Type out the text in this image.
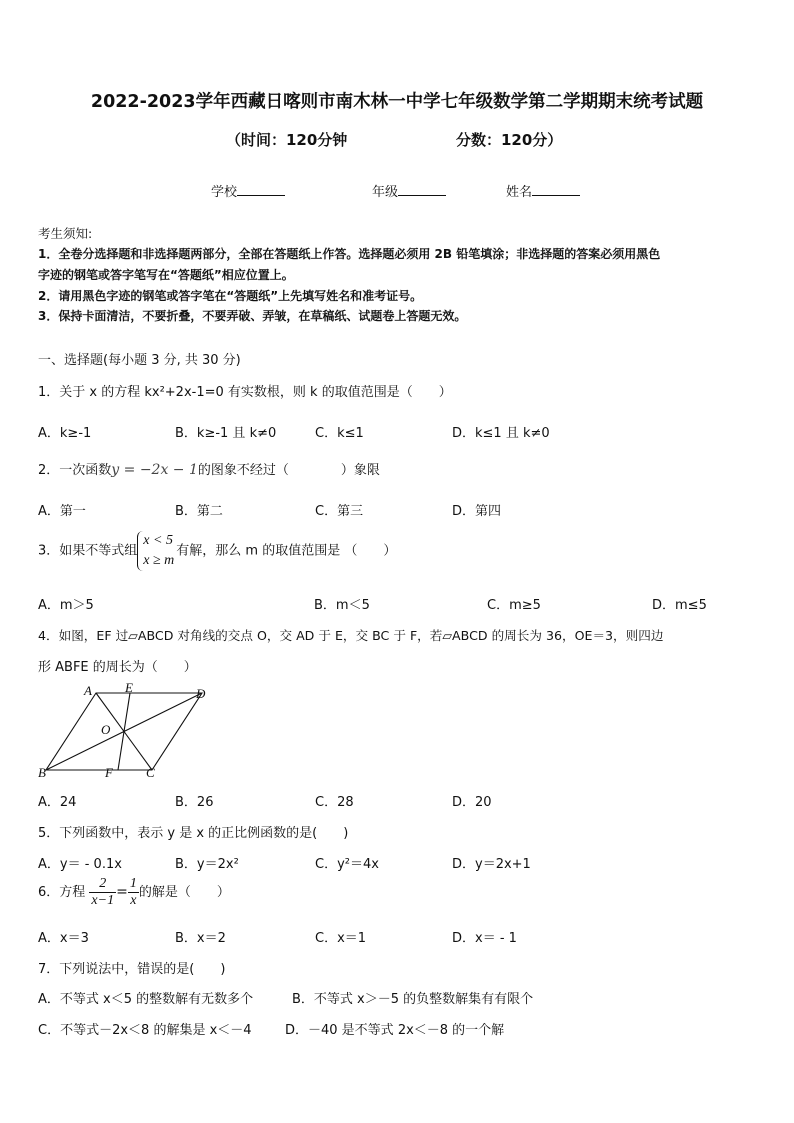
2022-2023学年西藏日喀则市南木林一中学七年级数学第二学期期末统考试题
（时间：120分钟	分数：120分）
学校	年级	姓名
考生须知:
1．全卷分选择题和非选择题两部分，全部在答题纸上作答。选择题必须用 2B 铅笔填涂；非选择题的答案必须用黑色
字迹的钢笔或答字笔写在“答题纸”相应位置上。
2．请用黑色字迹的钢笔或答字笔在“答题纸”上先填写姓名和准考证号。
3．保持卡面清洁，不要折叠，不要弄破、弄皱，在草稿纸、试题卷上答题无效。
一、选择题(每小题 3 分, 共 30 分)
1．关于 x 的方程 kx²+2x-1=0 有实数根，则 k 的取值范围是（　　）
A．k≥-1	B．k≥-1 且 k≠0	C．k≤1	D．k≤1 且 k≠0
2．一次函数y = −2x − 1的图象不经过（　　　　）象限
A．第一	B．第二	C．第三	D．第四
3．如果不等式组
x < 5
x ≥ m
有解，那么 m 的取值范围是 （　　）
A．m＞5	B．m＜5	C．m≥5	D．m≤5
4．如图，EF 过▱ABCD 对角线的交点 O，交 AD 于 E，交 BC 于 F，若▱ABCD 的周长为 36，OE＝3，则四边
形 ABFE 的周长为（　　）
A	E	D
O
B	F	C
A．24	B．26	C．28	D．20
5．下列函数中，表示 y 是 x 的正比例函数的是(　　)
A．y＝ - 0.1x	B．y＝2x²	C．y²＝4x	D．y＝2x+1
6．方程 $\frac{2}{x-1} = \frac{1}{x}$ 的解是（　　）
A．x＝3	B．x＝2	C．x＝1	D．x＝ - 1
7．下列说法中，错误的是(　　)
A．不等式 x＜5 的整数解有无数多个	B．不等式 x＞－5 的负整数解集有有限个
C．不等式－2x＜8 的解集是 x＜－4	D．－40 是不等式 2x＜－8 的一个解
